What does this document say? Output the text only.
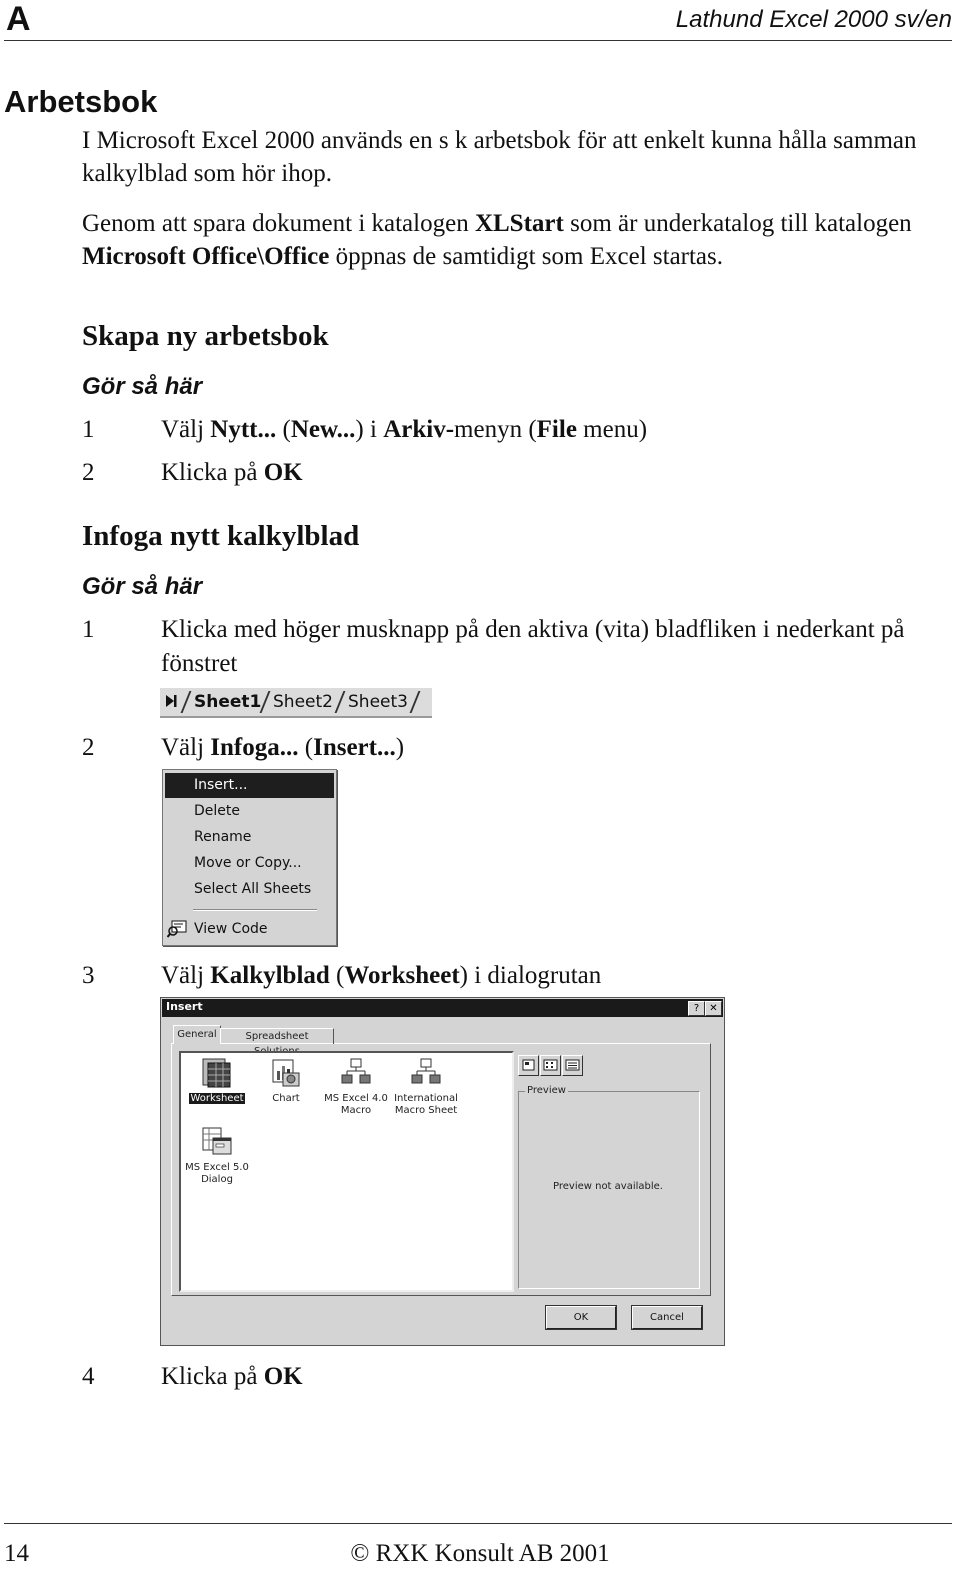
A	Lathund Excel 2000 sv/en
Arbetsbok

I Microsoft Excel 2000 används en s k arbetsbok för att enkelt kunna hålla samman kalkylblad som hör ihop.

Genom att spara dokument i katalogen XLStart som är underkatalog till katalogen Microsoft Office\Office öppnas de samtidigt som Excel startas.

Skapa ny arbetsbok
Gör så här
1	Välj Nytt... (New...) i Arkiv-menyn (File menu)
2	Klicka på OK
Infoga nytt kalkylblad
Gör så här
1	Klicka med höger musknapp på den aktiva (vita) bladfliken i nederkant på fönstret
Sheet1 Sheet2 Sheet3
2	Välj Infoga... (Insert...)
Insert...
Delete
Rename
Move or Copy...
Select All Sheets
View Code
3	Välj Kalkylblad (Worksheet) i dialogrutan
Insert	?	✕
General	Spreadsheet
Worksheet	Chart	MS Excel 4.0 Macro
International Macro Sheet
MS Excel 5.0 Dialog
Preview
Preview not available.
OK	Cancel
4	Klicka på OK
14	© RXK Konsult AB 2001
